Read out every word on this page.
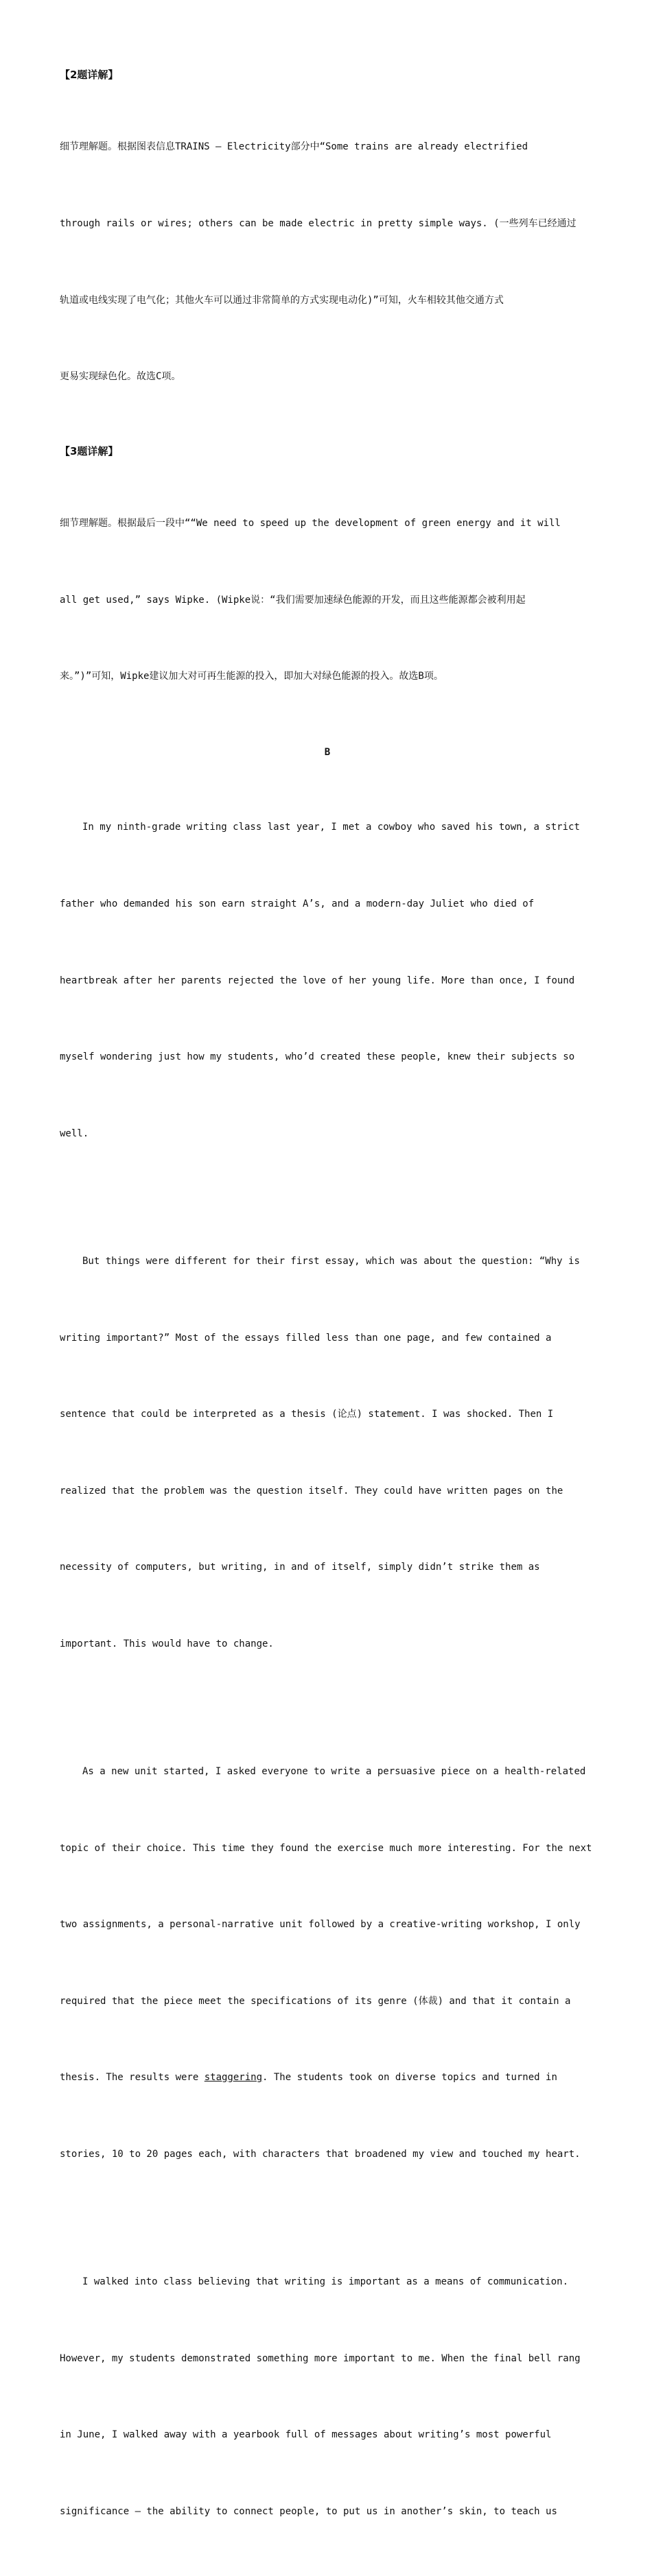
【2题详解】

细节理解题。根据图表信息TRAINS — Electricity部分中“Some trains are already electrified

through rails or wires; others can be made electric in pretty simple ways. (一些列车已经通过

轨道或电线实现了电气化；其他火车可以通过非常简单的方式实现电动化)”可知，火车相较其他交通方式

更易实现绿色化。故选C项。

【3题详解】

细节理解题。根据最后一段中““We need to speed up the development of green energy and it will

all get used,” says Wipke. (Wipke说：“我们需要加速绿色能源的开发，而且这些能源都会被利用起

来。”)”可知，Wipke建议加大对可再生能源的投入，即加大对绿色能源的投入。故选B项。

B

In my ninth-grade writing class last year, I met a cowboy who saved his town, a strict

father who demanded his son earn straight A’s, and a modern-day Juliet who died of

heartbreak after her parents rejected the love of her young life. More than once, I found

myself wondering just how my students, who’d created these people, knew their subjects so

well.

But things were different for their first essay, which was about the question: “Why is

writing important?” Most of the essays filled less than one page, and few contained a

sentence that could be interpreted as a thesis (论点) statement. I was shocked. Then I

realized that the problem was the question itself. They could have written pages on the

necessity of computers, but writing, in and of itself, simply didn’t strike them as

important. This would have to change.

As a new unit started, I asked everyone to write a persuasive piece on a health-related

topic of their choice. This time they found the exercise much more interesting. For the next

two assignments, a personal-narrative unit followed by a creative-writing workshop, I only

required that the piece meet the specifications of its genre (体裁) and that it contain a

thesis. The results were staggering. The students took on diverse topics and turned in

stories, 10 to 20 pages each, with characters that broadened my view and touched my heart.

I walked into class believing that writing is important as a means of communication.

However, my students demonstrated something more important to me. When the final bell rang

in June, I walked away with a yearbook full of messages about writing’s most powerful

significance — the ability to connect people, to put us in another’s skin, to teach us
